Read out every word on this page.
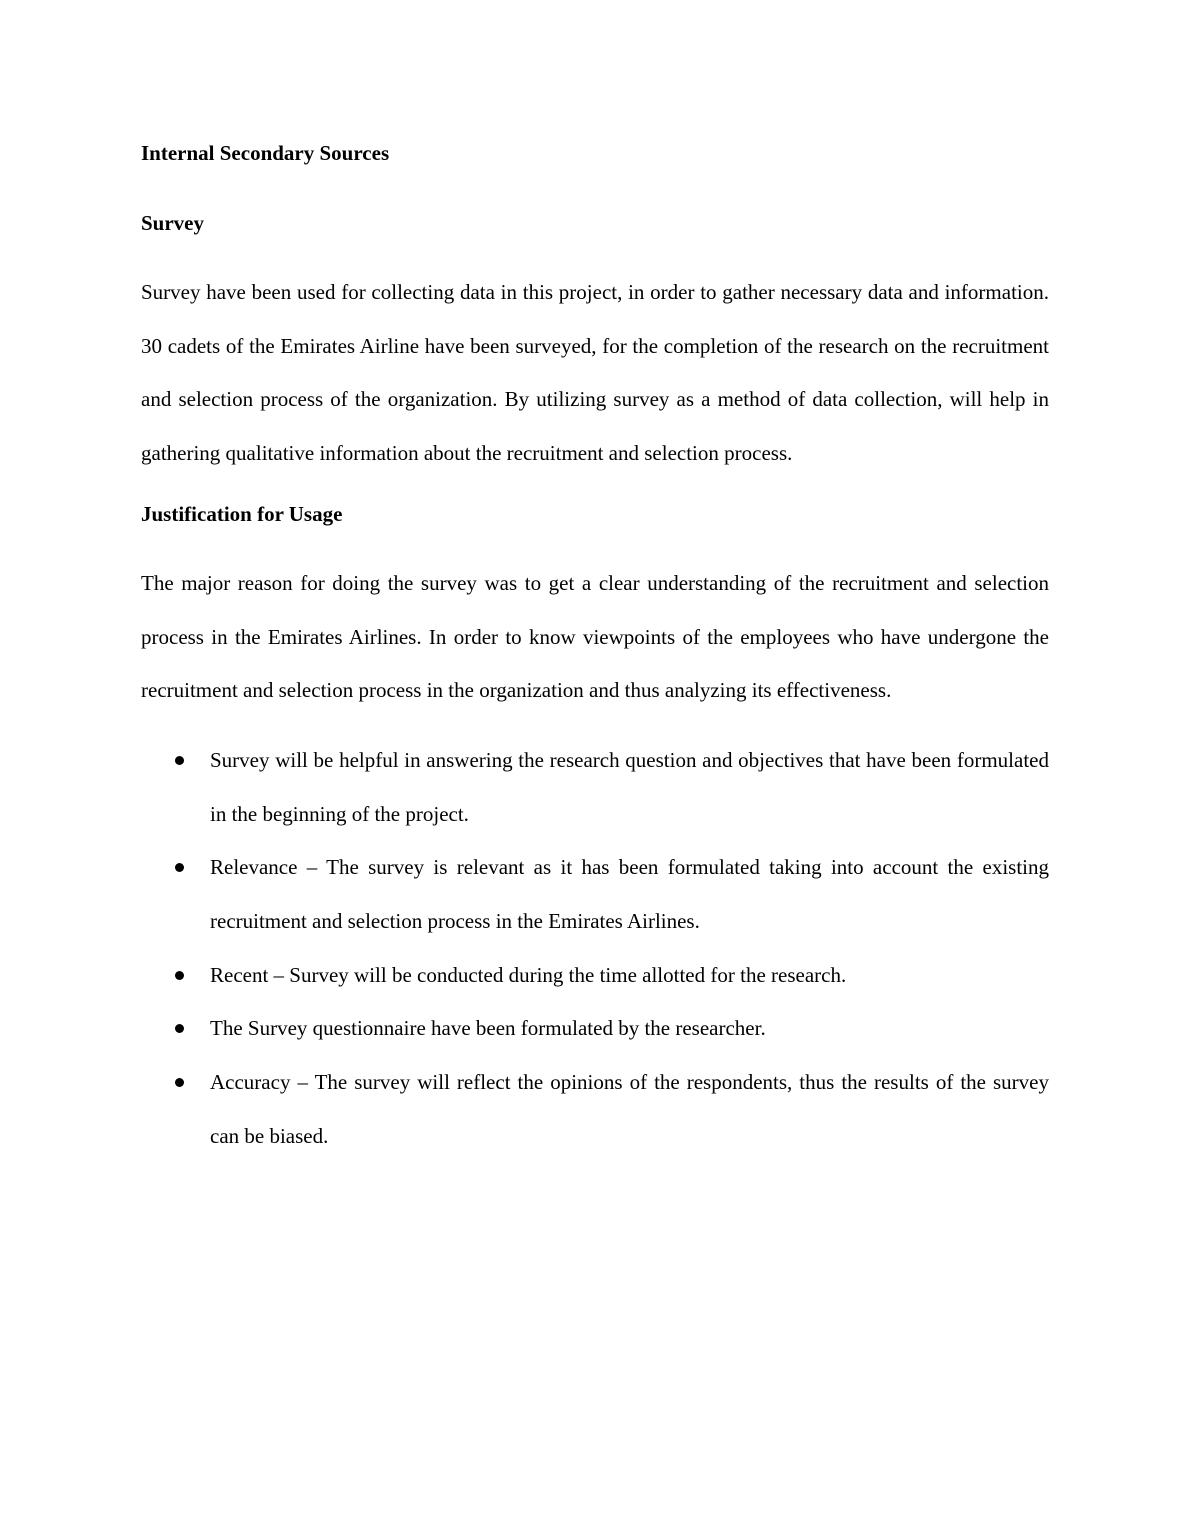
Internal Secondary Sources

Survey

Survey have been used for collecting data in this project, in order to gather necessary data and information. 30 cadets of the Emirates Airline have been surveyed, for the completion of the research on the recruitment and selection process of the organization. By utilizing survey as a method of data collection, will help in gathering qualitative information about the recruitment and selection process.

Justification for Usage

The major reason for doing the survey was to get a clear understanding of the recruitment and selection process in the Emirates Airlines. In order to know viewpoints of the employees who have undergone the recruitment and selection process in the organization and thus analyzing its effectiveness.

Survey will be helpful in answering the research question and objectives that have been formulated in the beginning of the project.
Relevance – The survey is relevant as it has been formulated taking into account the existing recruitment and selection process in the Emirates Airlines.
Recent – Survey will be conducted during the time allotted for the research.
The Survey questionnaire have been formulated by the researcher.
Accuracy – The survey will reflect the opinions of the respondents, thus the results of the survey can be biased.
